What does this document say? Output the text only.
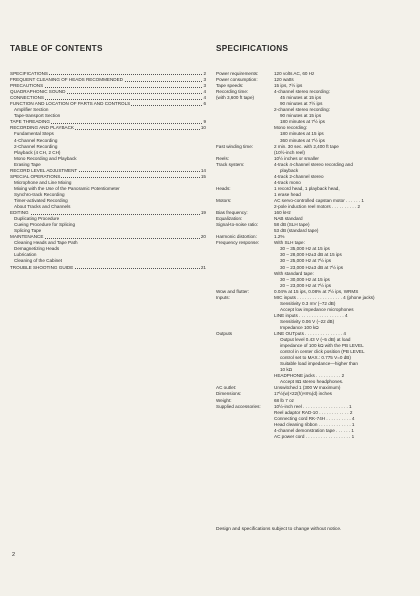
TABLE OF CONTENTS
SPECIFICATIONS	2
FREQUENT CLEANING OF HEADS RECOMMENDED	3
PRECAUTIONS	3
QUADRAPHONIC SOUND	4
CONNECTIONS	4
FUNCTION AND LOCATION OF PARTS AND CONTROLS	6
Amplifier Section
Tape-transport Section
TAPE THREADING	9
RECORDING AND PLAYBACK	10
Fundamental Steps
4-Channel Recording
2-Channel Recording
Playback (4 CH, 2 CH)
Mono Recording and Playback
Erasing Tape
RECORD LEVEL ADJUSTMENT	14
SPECIAL OPERATIONS	15
Microphone and Line Mixing
Mixing with the Use of the Panoramic Potentiometer
Synchro-track Recording
Timer-activated Recording
About Tracks and Channels
EDITING	19
Duplicating Procedure
Cueing Procedure for Splicing
Splicing Tape
MAINTENANCE	20
Cleaning Heads and Tape Path
Demagnetizing Heads
Lubrication
Cleaning of the Cabinet
TROUBLE SHOOTING GUIDE	21
SPECIFICATIONS
Power requirements:	120 volts AC, 60 Hz
Power consumption:	120 watts
Tape speeds:	15 ips, 7½ ips
Recording time:	4-channel stereo recording:
(with 3,600 ft tape)	45 minutes at 15 ips
90 minutes at 7½ ips
2-channel stereo recording:
90 minutes at 15 ips
180 minutes at 7½ ips
Mono recording:
180 minutes at 15 ips
360 minutes at 7½ ips
Fast winding time:	2 min. 30 sec. with 2,400 ft tape
(10½-inch reel)
Reels:	10½ inches or smaller
Track system:	4-track 4-channel stereo recording and
playback
4-track 2-channel stereo
4-track mono
Heads:	1 record head, 1 playback head,
1 erase head
Motors:	AC servo-controlled capstan motor . . . . . . 1
2-pole induction reel motors . . . . . . . . . . 2
Bias frequency:	160 kHz
Equalization:	NAB standard
Signal-to-noise ratio:	58 dB (SLH tape)
53 dB (standard tape)
Harmonic distortion:	1.2%
Frequency response:	With SLH tape:
30 – 35,000 Hz at 15 ips
30 – 28,000 Hz±3 dB at 15 ips
30 – 25,000 Hz at 7½ ips
30 – 23,000 Hz±3 dB at 7½ ips
With standard tape:
30 – 30,000 Hz at 15 ips
20 – 23,000 Hz at 7½ ips
Wow and flutter:	0.04% at 15 ips, 0.08% at 7½ ips, WRMS
Inputs:	MIC inputs . . . . . . . . . . . . . . . . . . 4 (phone jacks)
Sensitivity 0.3 mV (–72 dB)
Accept low impedance microphones
LINE inputs . . . . . . . . . . . . . . . . . . 4
Sensitivity 0.06 V (–22 dB)
Impedance 100 kΩ
Outputs	LINE OUTputs . . . . . . . . . . . . . . . 4
Output level 0.43 V (–5 dB) at load
impedance of 100 kΩ with the PB LEVEL
control in center click position (PB LEVEL
control set to MAX.: 0.775 V=0 dB)
Suitable load impedance—higher than
10 kΩ
HEADPHONE jacks . . . . . . . . . . 2
Accept 8Ω stereo headphones.
AC outlet:	Unswitched 1 (300 W maximum)
Dimensions:	17½(w)×22(h)×8¾(d) inches
Weight:	68 lb 7 oz
Supplied accessories:	10½-inch reel . . . . . . . . . . . . . . . . . . 1
Reel adaptor RAD-10 . . . . . . . . . . . . 2
Connecting cord RK-74H . . . . . . . . . . 4
Head cleaning ribbon . . . . . . . . . . . . . 1
4-channel demonstration tape . . . . . . 1
AC power cord . . . . . . . . . . . . . . . . . . 1
Design and specifications subject to change without notice.
2
